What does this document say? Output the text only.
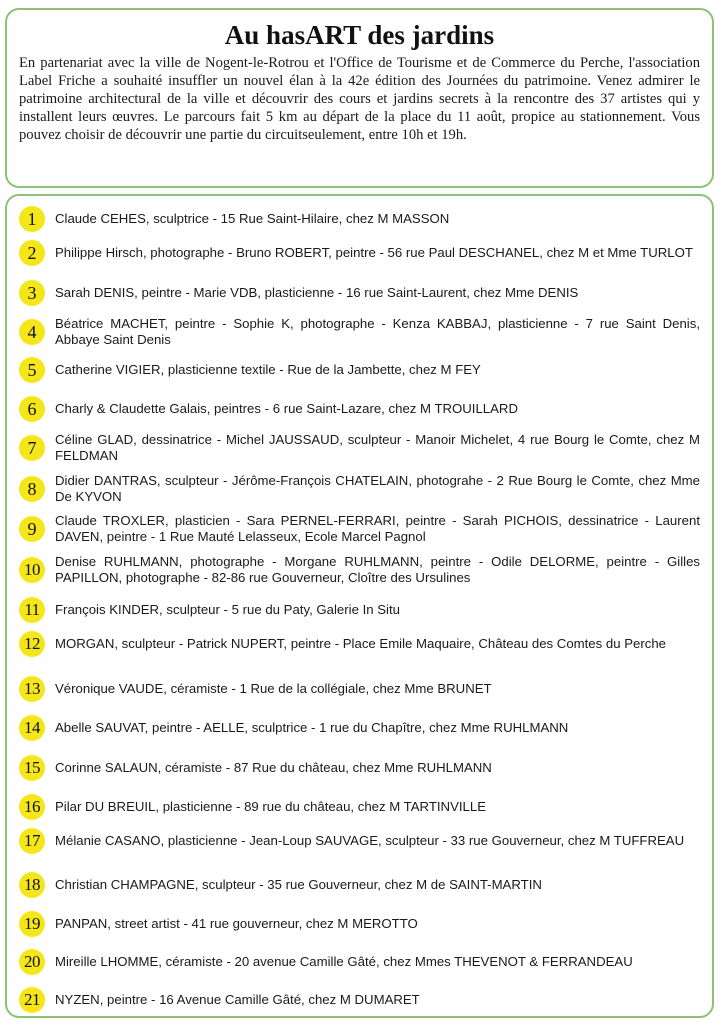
Au hasART des jardins

En partenariat avec la ville de Nogent-le-Rotrou et l'Office de Tourisme et de Commerce du Perche, l'association Label Friche a souhaité insuffler un nouvel élan à la 42e édition des Journées du patrimoine. Venez admirer le patrimoine architectural de la ville et découvrir des cours et jardins secrets à la rencontre des 37 artistes qui y installent leurs œuvres. Le parcours fait 5 km au départ de la place du 11 août, propice au stationnement. Vous pouvez choisir de découvrir une partie du circuitseulement, entre 10h et 19h.

1	Claude CEHES, sculptrice - 15 Rue Saint-Hilaire, chez M MASSON
2	Philippe Hirsch, photographe - Bruno ROBERT, peintre - 56 rue Paul DESCHANEL, chez M et Mme TURLOT
3	Sarah DENIS, peintre - Marie VDB, plasticienne - 16 rue Saint-Laurent, chez Mme DENIS
4	Béatrice MACHET, peintre - Sophie K, photographe - Kenza KABBAJ, plasticienne - 7 rue Saint Denis, Abbaye Saint Denis
5	Catherine VIGIER, plasticienne textile - Rue de la Jambette, chez M FEY
6	Charly & Claudette Galais, peintres - 6 rue Saint-Lazare, chez M TROUILLARD
7	Céline GLAD, dessinatrice - Michel JAUSSAUD, sculpteur - Manoir Michelet, 4 rue Bourg le Comte, chez M FELDMAN
8	Didier DANTRAS, sculpteur - Jérôme-François CHATELAIN, photograhe - 2 Rue Bourg le Comte, chez Mme De KYVON
9	Claude TROXLER, plasticien - Sara PERNEL-FERRARI, peintre - Sarah PICHOIS, dessinatrice - Laurent DAVEN, peintre - 1 Rue Mauté Lelasseux, Ecole Marcel Pagnol
10	Denise RUHLMANN, photographe - Morgane RUHLMANN, peintre - Odile DELORME, peintre - Gilles PAPILLON, photographe - 82-86 rue Gouverneur, Cloître des Ursulines
11	François KINDER, sculpteur - 5 rue du Paty, Galerie In Situ
12	MORGAN, sculpteur - Patrick NUPERT, peintre - Place Emile Maquaire, Château des Comtes du Perche
13	Véronique VAUDE, céramiste - 1 Rue de la collégiale, chez Mme BRUNET
14	Abelle SAUVAT, peintre - AELLE, sculptrice - 1 rue du Chapître, chez Mme RUHLMANN
15	Corinne SALAUN, céramiste - 87 Rue du château, chez Mme RUHLMANN
16	Pilar DU BREUIL, plasticienne - 89 rue du château, chez M TARTINVILLE
17	Mélanie CASANO, plasticienne - Jean-Loup SAUVAGE, sculpteur - 33 rue Gouverneur, chez M TUFFREAU
18	Christian CHAMPAGNE, sculpteur - 35 rue Gouverneur, chez M de SAINT-MARTIN
19	PANPAN, street artist - 41 rue gouverneur, chez M MEROTTO
20	Mireille LHOMME, céramiste - 20 avenue Camille Gâté, chez Mmes THEVENOT & FERRANDEAU
21	NYZEN, peintre - 16 Avenue Camille Gâté, chez M DUMARET
